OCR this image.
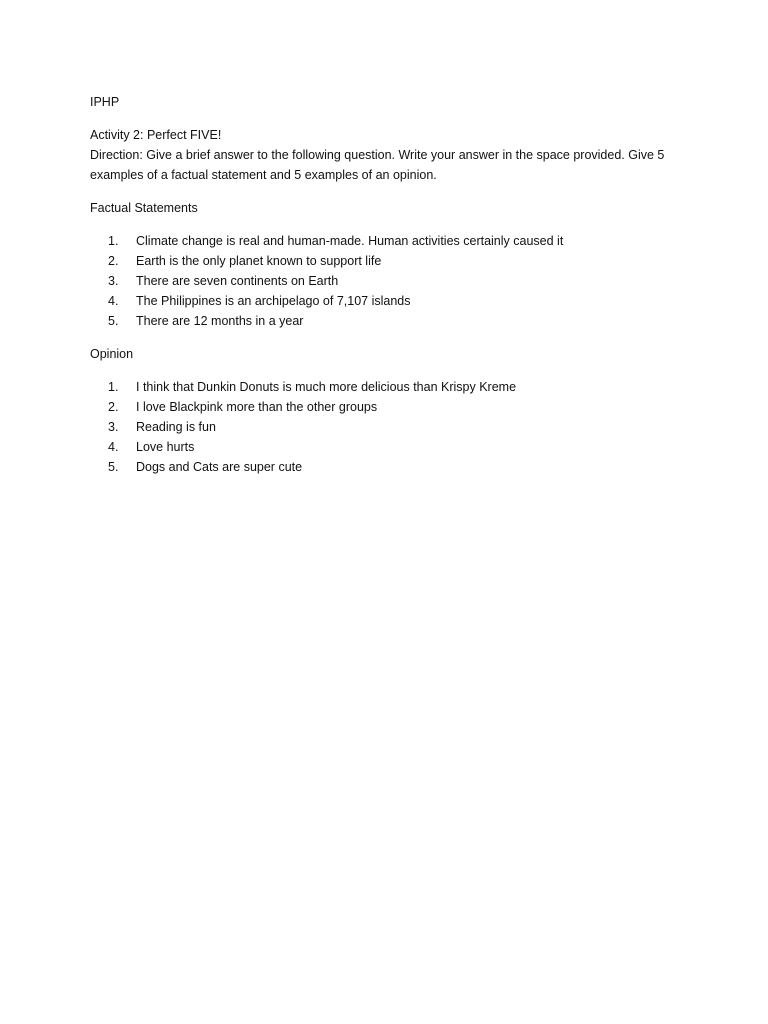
IPHP
Activity 2: Perfect FIVE!
Direction: Give a brief answer to the following question. Write your answer in the space provided. Give 5 examples of a factual statement and 5 examples of an opinion.
Factual Statements
1.	Climate change is real and human-made. Human activities certainly caused it
2.	Earth is the only planet known to support life
3.	There are seven continents on Earth
4.	The Philippines is an archipelago of 7,107 islands
5.	There are 12 months in a year
Opinion
1.	I think that Dunkin Donuts is much more delicious than Krispy Kreme
2.	I love Blackpink more than the other groups
3.	Reading is fun
4.	Love hurts
5.	Dogs and Cats are super cute
